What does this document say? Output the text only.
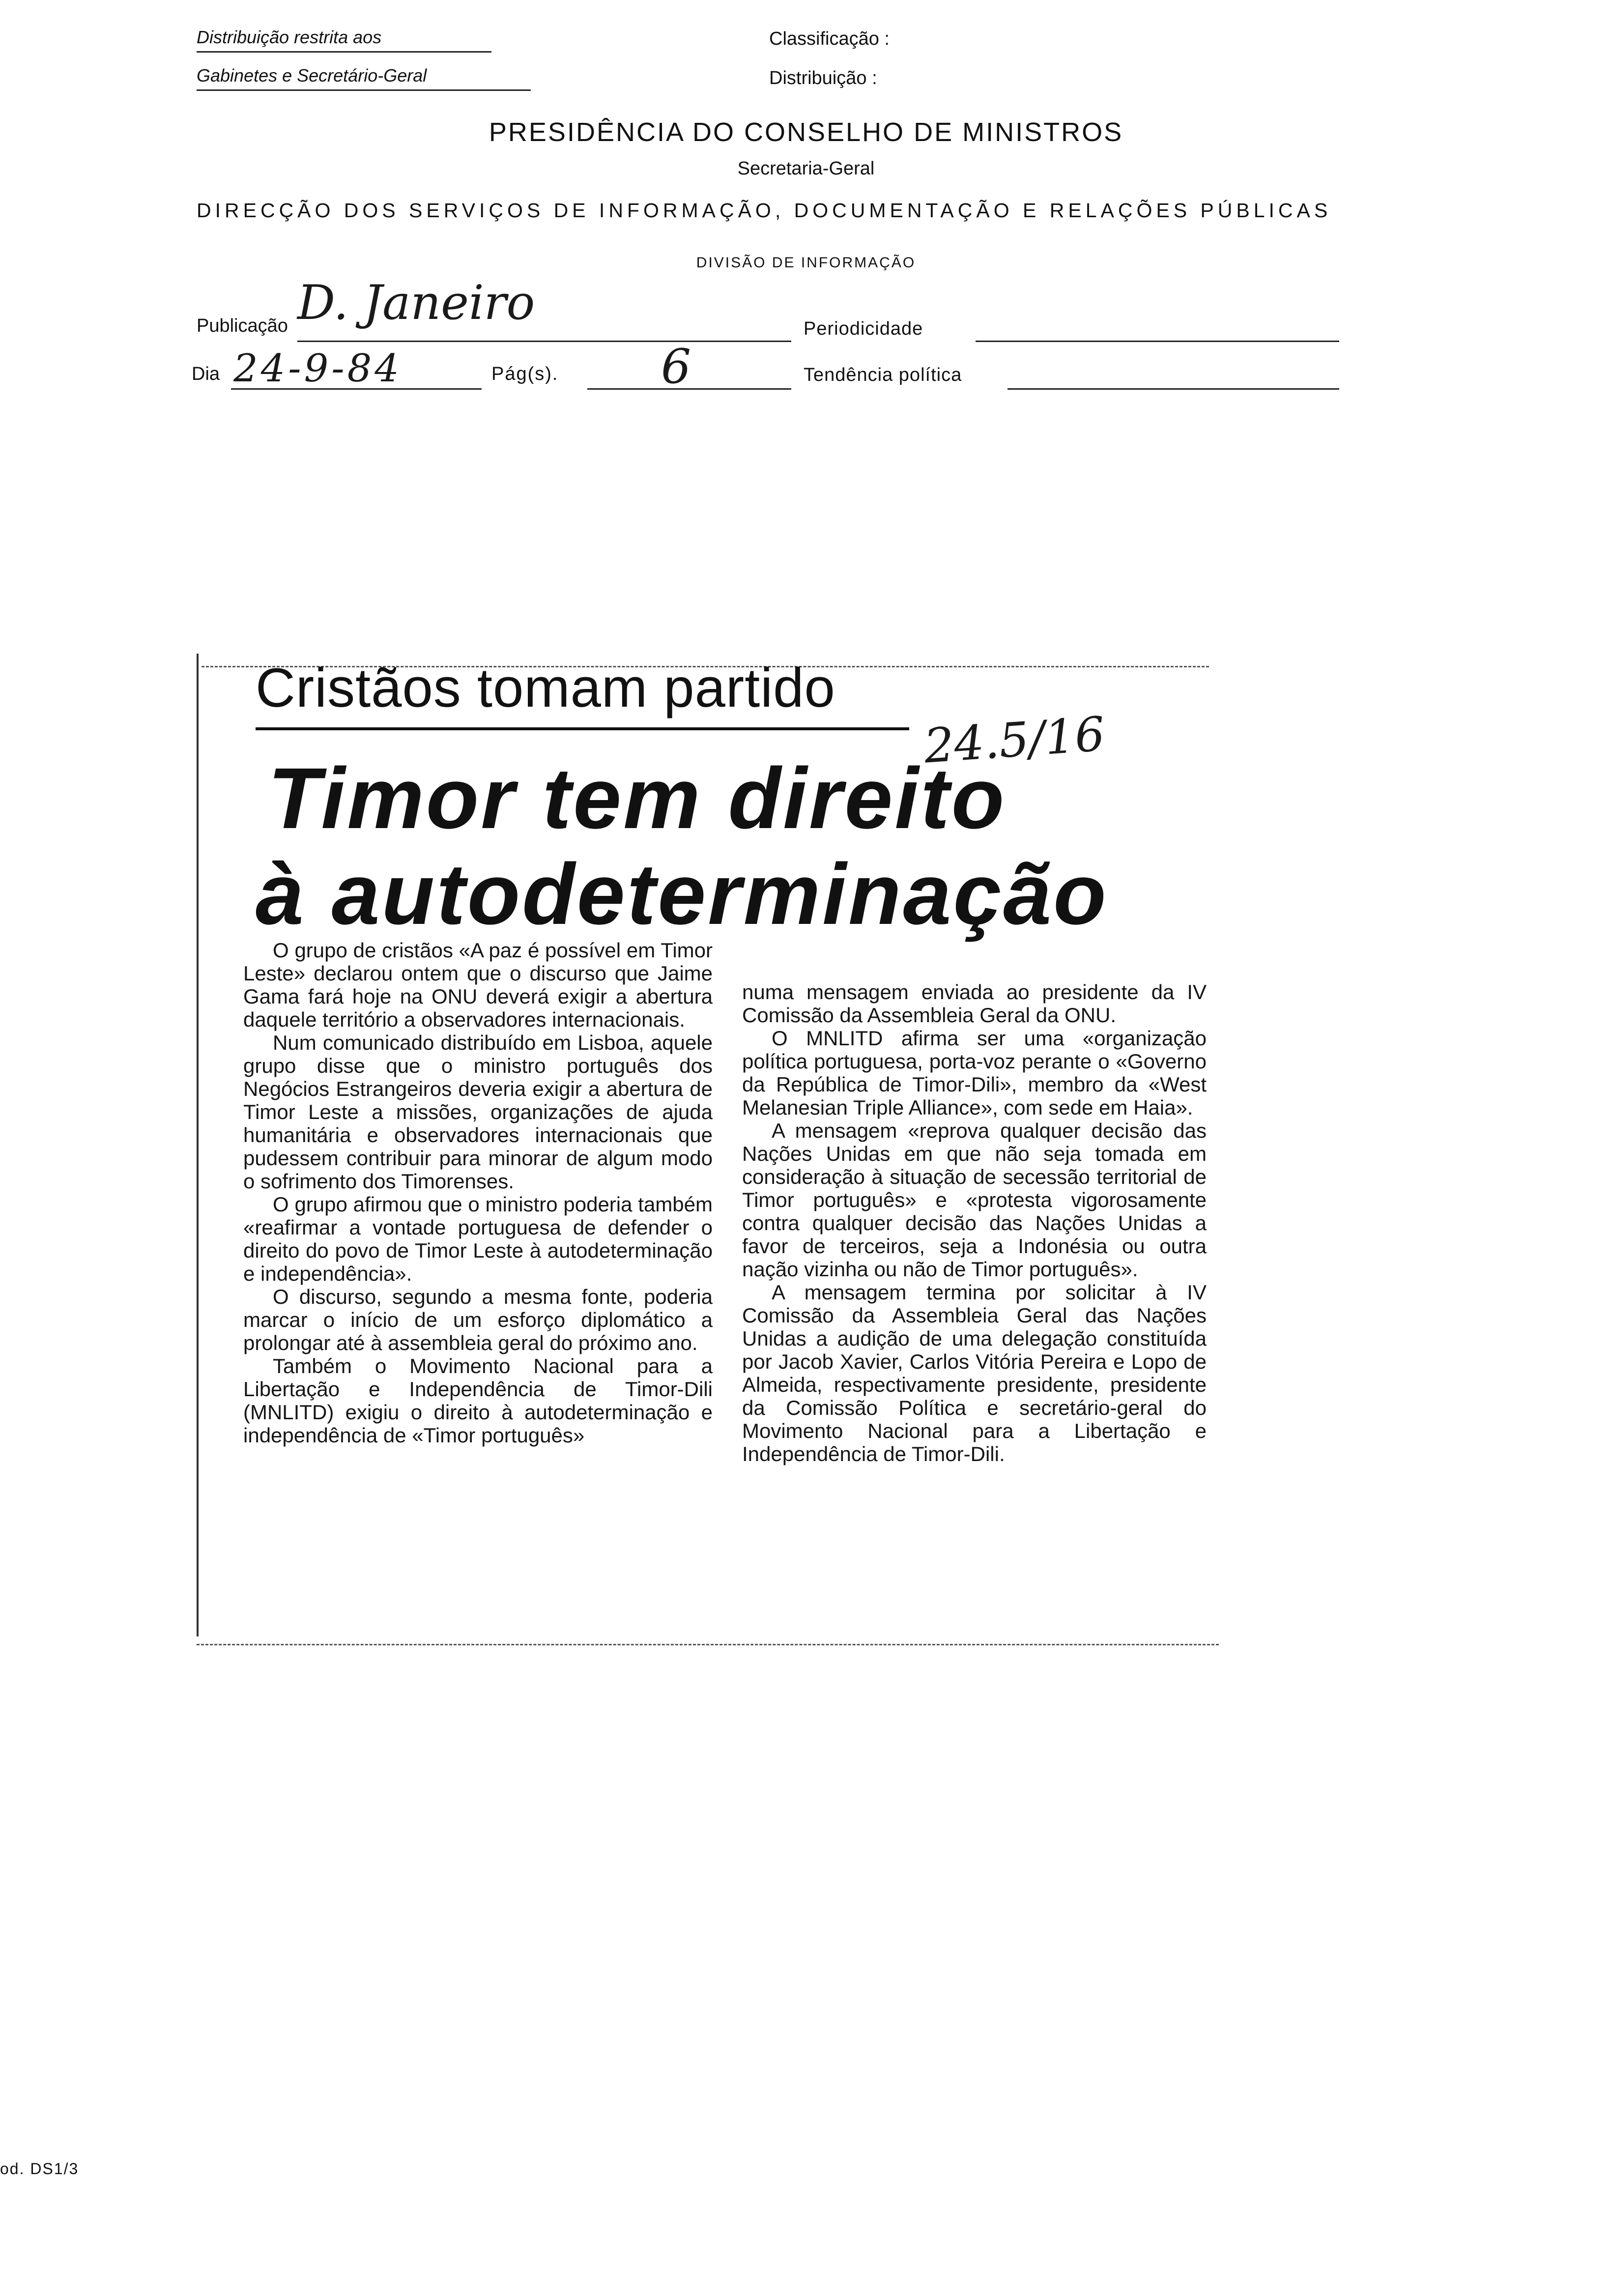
Distribuição restrita aos
Gabinetes e Secretário-Geral
Classificação :
Distribuição :
PRESIDÊNCIA DO CONSELHO DE MINISTROS
Secretaria-Geral
DIRECÇÃO DOS SERVIÇOS DE INFORMAÇÃO, DOCUMENTAÇÃO E RELAÇÕES PÚBLICAS
DIVISÃO DE INFORMAÇÃO
Publicação D. Janeiro
Dia 24-9-84	Pág(s). 6
Periodicidade
Tendência política
Cristãos tomam partido
24.5/16
Timor tem direito
à autodeterminação

O grupo de cristãos «A paz é possível em Timor Leste» declarou ontem que o discurso que Jaime Gama fará hoje na ONU deverá exigir a abertura daquele território a observadores internacionais.

Num comunicado distribuído em Lisboa, aquele grupo disse que o ministro português dos Negócios Estrangeiros deveria exigir a abertura de Timor Leste a missões, organizações de ajuda humanitária e observadores internacionais que pudessem contribuir para minorar de algum modo o sofrimento dos Timorenses.

O grupo afirmou que o ministro poderia também «reafirmar a vontade portuguesa de defender o direito do povo de Timor Leste à autodeterminação e independência».

O discurso, segundo a mesma fonte, poderia marcar o início de um esforço diplomático a prolongar até à assembleia geral do próximo ano.

Também o Movimento Nacional para a Libertação e Independência de Timor-Dili (MNLITD) exigiu o direito à autodeterminação e independência de «Timor português»

numa mensagem enviada ao presidente da IV Comissão da Assembleia Geral da ONU.

O MNLITD afirma ser uma «organização política portuguesa, porta-voz perante o «Governo da República de Timor-Dili», membro da «West Melanesian Triple Alliance», com sede em Haia».

A mensagem «reprova qualquer decisão das Nações Unidas em que não seja tomada em consideração à situação de secessão territorial de Timor português» e «protesta vigorosamente contra qualquer decisão das Nações Unidas a favor de terceiros, seja a Indonésia ou outra nação vizinha ou não de Timor português».

A mensagem termina por solicitar à IV Comissão da Assembleia Geral das Nações Unidas a audição de uma delegação constituída por Jacob Xavier, Carlos Vitória Pereira e Lopo de Almeida, respectivamente presidente, presidente da Comissão Política e secretário-geral do Movimento Nacional para a Libertação e Independência de Timor-Dili.

od. DS1/3
